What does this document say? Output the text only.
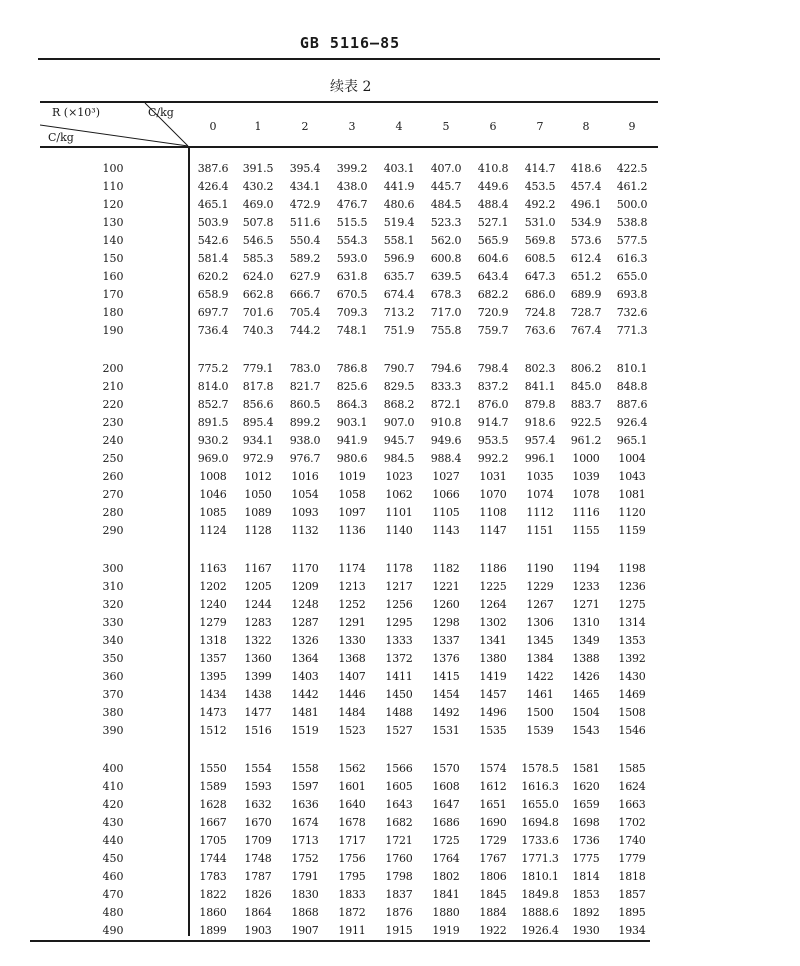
GB 5116—85
续表 2
R (×10³)	C/kg
C/kg
0	1	2	3	4	5	6	7	8	9
100	387.6	391.5	395.4	399.2	403.1	407.0	410.8	414.7	418.6	422.5
110	426.4	430.2	434.1	438.0	441.9	445.7	449.6	453.5	457.4	461.2
120	465.1	469.0	472.9	476.7	480.6	484.5	488.4	492.2	496.1	500.0
130	503.9	507.8	511.6	515.5	519.4	523.3	527.1	531.0	534.9	538.8
140	542.6	546.5	550.4	554.3	558.1	562.0	565.9	569.8	573.6	577.5
150	581.4	585.3	589.2	593.0	596.9	600.8	604.6	608.5	612.4	616.3
160	620.2	624.0	627.9	631.8	635.7	639.5	643.4	647.3	651.2	655.0
170	658.9	662.8	666.7	670.5	674.4	678.3	682.2	686.0	689.9	693.8
180	697.7	701.6	705.4	709.3	713.2	717.0	720.9	724.8	728.7	732.6
190	736.4	740.3	744.2	748.1	751.9	755.8	759.7	763.6	767.4	771.3
200	775.2	779.1	783.0	786.8	790.7	794.6	798.4	802.3	806.2	810.1
210	814.0	817.8	821.7	825.6	829.5	833.3	837.2	841.1	845.0	848.8
220	852.7	856.6	860.5	864.3	868.2	872.1	876.0	879.8	883.7	887.6
230	891.5	895.4	899.2	903.1	907.0	910.8	914.7	918.6	922.5	926.4
240	930.2	934.1	938.0	941.9	945.7	949.6	953.5	957.4	961.2	965.1
250	969.0	972.9	976.7	980.6	984.5	988.4	992.2	996.1	1000	1004
260	1008	1012	1016	1019	1023	1027	1031	1035	1039	1043
270	1046	1050	1054	1058	1062	1066	1070	1074	1078	1081
280	1085	1089	1093	1097	1101	1105	1108	1112	1116	1120
290	1124	1128	1132	1136	1140	1143	1147	1151	1155	1159
300	1163	1167	1170	1174	1178	1182	1186	1190	1194	1198
310	1202	1205	1209	1213	1217	1221	1225	1229	1233	1236
320	1240	1244	1248	1252	1256	1260	1264	1267	1271	1275
330	1279	1283	1287	1291	1295	1298	1302	1306	1310	1314
340	1318	1322	1326	1330	1333	1337	1341	1345	1349	1353
350	1357	1360	1364	1368	1372	1376	1380	1384	1388	1392
360	1395	1399	1403	1407	1411	1415	1419	1422	1426	1430
370	1434	1438	1442	1446	1450	1454	1457	1461	1465	1469
380	1473	1477	1481	1484	1488	1492	1496	1500	1504	1508
390	1512	1516	1519	1523	1527	1531	1535	1539	1543	1546
400	1550	1554	1558	1562	1566	1570	1574	1578.5	1581	1585
410	1589	1593	1597	1601	1605	1608	1612	1616.3	1620	1624
420	1628	1632	1636	1640	1643	1647	1651	1655.0	1659	1663
430	1667	1670	1674	1678	1682	1686	1690	1694.8	1698	1702
440	1705	1709	1713	1717	1721	1725	1729	1733.6	1736	1740
450	1744	1748	1752	1756	1760	1764	1767	1771.3	1775	1779
460	1783	1787	1791	1795	1798	1802	1806	1810.1	1814	1818
470	1822	1826	1830	1833	1837	1841	1845	1849.8	1853	1857
480	1860	1864	1868	1872	1876	1880	1884	1888.6	1892	1895
490	1899	1903	1907	1911	1915	1919	1922	1926.4	1930	1934
